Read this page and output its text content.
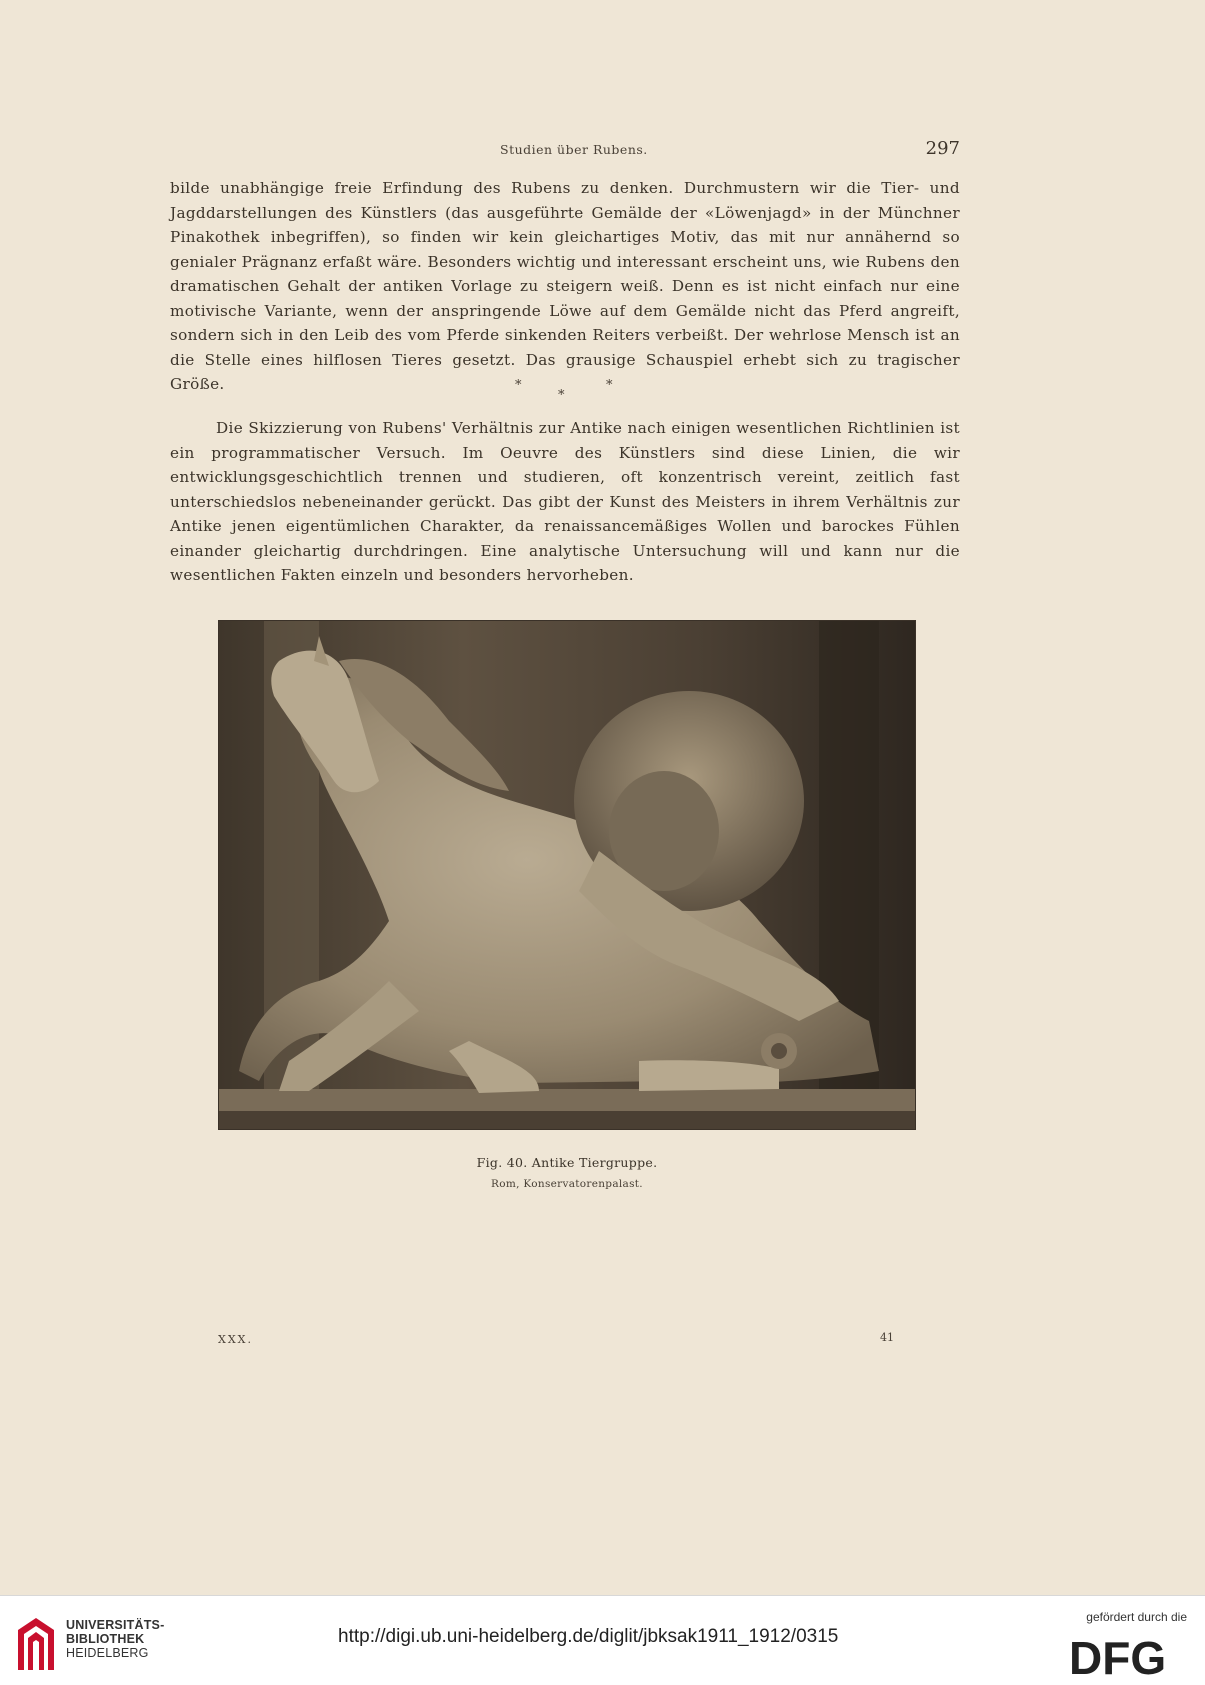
Studien über Rubens.	297

bilde unabhängige freie Erfindung des Rubens zu denken. Durchmustern wir die Tier- und Jagddarstellungen des Künstlers (das ausgeführte Gemälde der «Löwenjagd» in der Münchner Pinakothek inbegriffen), so finden wir kein gleichartiges Motiv, das mit nur annähernd so genialer Prägnanz erfaßt wäre. Besonders wichtig und interessant erscheint uns, wie Rubens den dramatischen Gehalt der antiken Vorlage zu steigern weiß. Denn es ist nicht einfach nur eine motivische Variante, wenn der anspringende Löwe auf dem Gemälde nicht das Pferd angreift, sondern sich in den Leib des vom Pferde sinkenden Reiters verbeißt. Der wehrlose Mensch ist an die Stelle eines hilflosen Tieres gesetzt. Das grausige Schauspiel erhebt sich zu tragischer Größe.	*
*
*

Die Skizzierung von Rubens' Verhältnis zur Antike nach einigen wesentlichen Richtlinien ist ein programmatischer Versuch. Im Oeuvre des Künstlers sind diese Linien, die wir entwicklungsgeschichtlich trennen und studieren, oft konzentrisch vereint, zeitlich fast unterschiedslos nebeneinander gerückt. Das gibt der Kunst des Meisters in ihrem Verhältnis zur Antike jenen eigentümlichen Charakter, da renaissancemäßiges Wollen und barockes Fühlen einander gleichartig durchdringen. Eine analytische Untersuchung will und kann nur die wesentlichen Fakten einzeln und besonders hervorheben.

Fig. 40. Antike Tiergruppe.
Rom, Konservatorenpalast.
XXX.	41
UNIVERSITÄTS-
BIBLIOTHEK
HEIDELBERG
http://digi.ub.uni-heidelberg.de/diglit/jbksak1911_1912/0315
gefördert durch die
DFG
